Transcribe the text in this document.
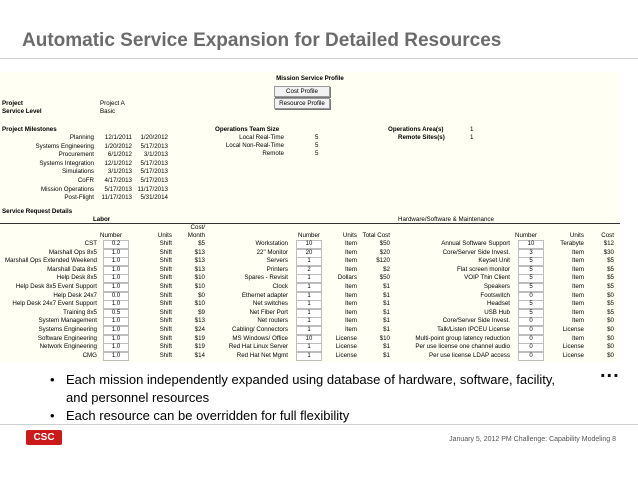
Automatic Service Expansion for Detailed Resources
Mission Service Profile
Cost Profile
Resource Profile
Project	Project A
Service Level	Basic
Project Milestones
Planning	12/1/2011	1/20/2012
Systems Engineering	1/20/2012	5/17/2013
Procurement	6/1/2012	3/1/2013
Systems Integration	12/1/2012	5/17/2013
Simulations	3/1/2013	5/17/2013
CoFR	4/17/2013	5/17/2013
Mission Operations	5/17/2013 11/17/2013
Post-Flight	11/17/2013	5/31/2014
Operations Team Size
Local Real-Time	5
Local Non-Real-Time	5
Remote	5
Operations Area(s)	1
Remote Sites(s)	1
Service Request Details
Labor	Hardware/Software & Maintenance
Cost/
Number	Units	Month	Number	Units Total Cost	Number	Units	Cost
CST	0.2	Shift	$5	Workstation	10	Item	$50	Annual Software Support	10	Terabyte	$12
Marshall Ops 8x5	1.0	Shift	$13	22" Monitor	20	Item	$20	Core/Server Side Invest.	3	Item	$30
Marshall Ops Extended Weekend	1.0	Shift	$13	Servers	1	Item	$120	Keyset Unit	5	Item	$5
Marshall Data 8x5	1.0	Shift	$13	Printers	2	Item	$2	Flat screen monitor	5	Item	$5
Help Desk 8x5	1.0	Shift	$10	Spares - Revisit	1	Dollars	$50	VOIP Thin Client	5	Item	$5
Help Desk 8x5 Event Support	1.0	Shift	$10	Clock	1	Item	$1	Speakers	5	Item	$5
Help Desk 24x7	0.0	Shift	$0	Ethernet adapter	1	Item	$1	Footswitch	0	Item	$0
Help Desk 24x7 Event Support	1.0	Shift	$10	Net switches	1	Item	$1	Headset	5	Item	$5
Training 8x5	0.5	Shift	$9	Net Fiber Port	1	Item	$1	USB Hub	5	Item	$5
System Management	1.0	Shift	$13	Net routers	1	Item	$1	Core/Server Side Invest.	0	Item	$0
Systems Engineering	1.0	Shift	$24	Cabling/ Connectors	1	Item	$1	Talk/Listen IPCEU License	0	License	$0
Software Engineering	1.0	Shift	$19	MS Windows/ Office	10	License	$10	Multi-point group latency reduction	0	Item	$0
Network Engineering	1.0	Shift	$19	Red Hat Linux Server	1	License	$1	Per use license one channel audio	0	License	$0
CMG	1.0	Shift	$14	Red Hat Net Mgmt	1	License	$1	Per use license LDAP access	0	License	$0
• Each mission independently expanded using database of hardware, software, facility, and personnel resources
• Each resource can be overridden for full flexibility
...
CSC	January 5, 2012 PM Challenge: Capability Modeling 8
